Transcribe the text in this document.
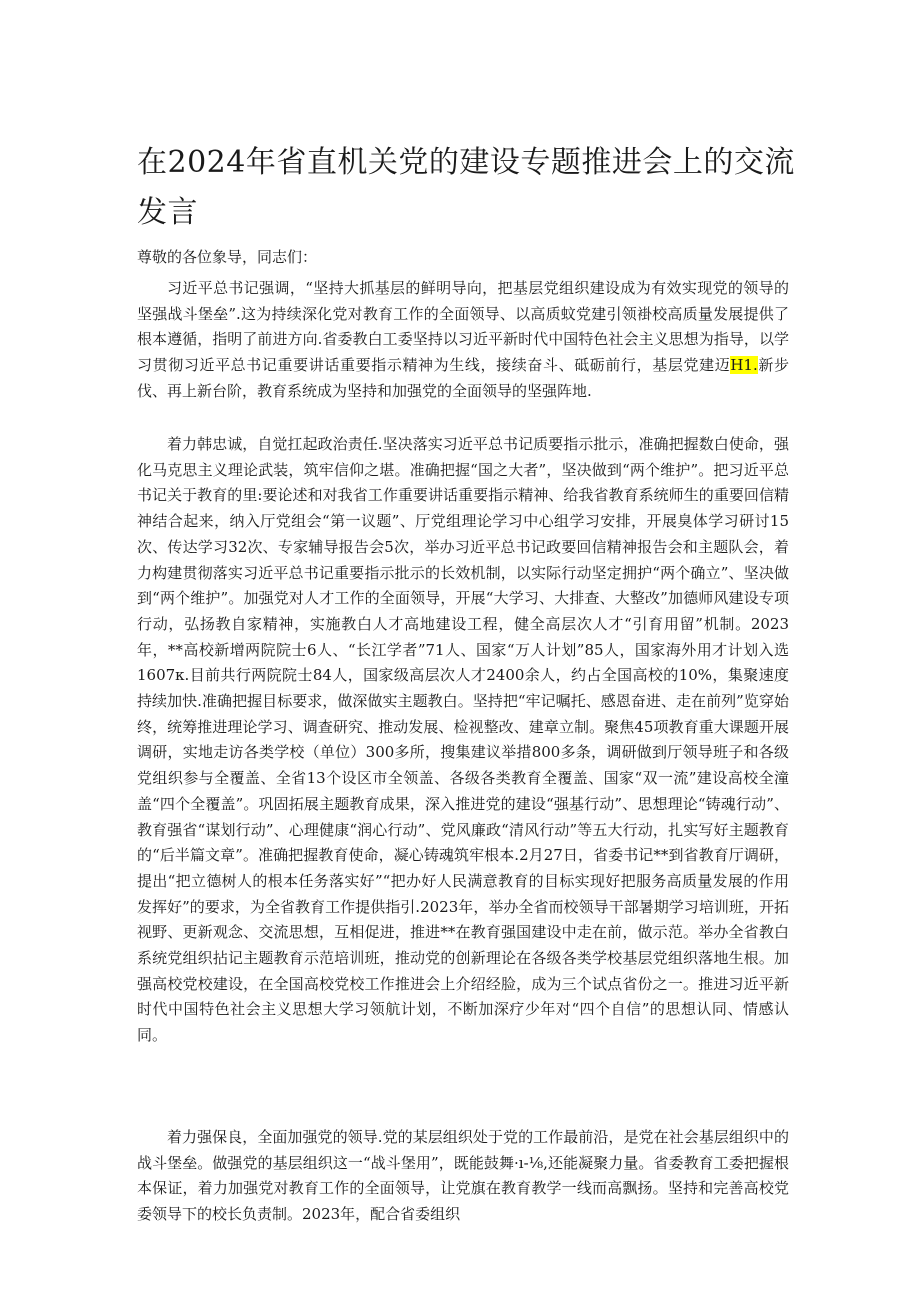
在2024年省直机关党的建设专题推进会上的交流发言

尊敬的各位象导，同志们：

习近平总书记强调，“坚持大抓基层的鲜明导向，把基层党组织建设成为有效实现党的领导的坚强战斗堡垒”.这为持续深化党对教育工作的全面领导、以高质蚊党建引领褂校高质量发展提供了根本遵循，指明了前进方向.省委教白工委坚持以习近平新时代中国特色社会主义思想为指导，以学习贯彻习近平总书记重要讲话重要指示精神为生线，接续奋斗、砥砺前行，基层党建迈H1.新步伐、再上新台阶，教育系统成为坚持和加强党的全面领导的坚强阵地.

着力韩忠诚，自觉扛起政治责任.坚决落实习近平总书记质要指示批示，准确把握数白使命，强化马克思主义理论武装，筑牢信仰之堪。准确把握“国之大者”，坚决做到“两个维护”。把习近平总书记关于教育的里:要论述和对我省工作重要讲话重要指示精神、给我省教育系统师生的重要回信精神结合起来，纳入厅党组会“第一议题”、厅党组理论学习中心组学习安排，开展臭体学习研讨15次、传达学习32次、专家辅导报告会5次，举办习近平总书记政要回信精神报告会和主题队会，着力构建贯彻落实习近平总书记重要指示批示的长效机制，以实际行动坚定拥护“两个确立”、坚决做到“两个维护”。加强党对人才工作的全面领导，开展“大学习、大排查、大整改”加德师风建设专项行动，弘扬教自家精神，实施教白人才高地建设工程，健全高层次人才“引育用留”机制。2023年，**高校新增两院院士6人、“长江学者”71人、国家“万人计划”85人，国家海外用才计划入选1607κ.目前共行两院院士84人，国家级高层次人才2400余人，约占全国高校的10%，集聚速度持续加快.准确把握目标要求，做深做实主题教白。坚持把“牢记嘱托、感恩奋进、走在前列”览穿始终，统筹推进理论学习、调查研究、推动发展、检视整改、建章立制。聚焦45项教育重大课题开展调研，实地走访各类学校（单位）300多所，搜集建议举措800多条，调研做到厅领导班子和各级党组织参与全覆盖、全省13个设区市全领盖、各级各类教育全覆盖、国家“双一流”建设高校全潼盖“四个全覆盖”。巩固拓展主题教育成果，深入推进党的建设“强基行动”、思想理论“铸魂行动”、教育强省“谋划行动”、心理健康“润心行动”、党风廉政“清风行动”等五大行动，扎实写好主题教育的“后半篇文章”。准确把握教育使命，凝心铸魂筑牢根本.2月27日，省委书记**到省教育厅调研，提出“把立德树人的根本任务落实好”“把办好人民满意教育的目标实现好把服务高质量发展的作用发挥好”的要求，为全省教育工作提供指引.2023年，举办全省而校领导干部暑期学习培训班，开拓视野、更新观念、交流思想，互相促进，推进**在教育强国建设中走在前，做示范。举办全省教白系统党组织拈记主题教育示范培训班，推动党的创新理论在各级各类学校基层党组织落地生根。加强高校党校建设，在全国高校党校工作推进会上介绍经脸，成为三个试点省份之一。推进习近平新时代中国特色社会主义思想大学习领航计划，不断加深疗少年对“四个自信”的思想认同、情感认同。

着力强保良，全面加强党的领导.党的某层组织处于党的工作最前沿，是党在社会基层组织中的战斗堡垒。做强党的基层组织这一“战斗堡用”，既能鼓舞·ı-⅛,还能凝聚力量。省委教育工委把握根本保证，着力加强党对教育工作的全面领导，让党旗在教育教学一线而高飘扬。坚持和完善高校党委领导下的校长负责制。2023年，配合省委组织
